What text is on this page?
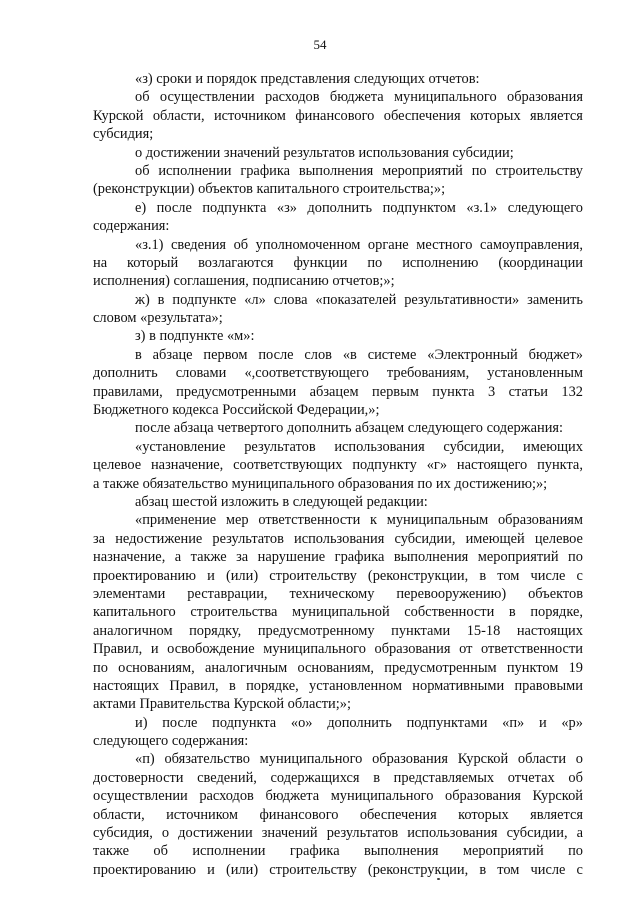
54
«з) сроки и порядок представления следующих отчетов:
об осуществлении расходов бюджета муниципального образования
Курской области, источником финансового обеспечения которых является
субсидия;
о достижении значений результатов использования субсидии;
об исполнении графика выполнения мероприятий по строительству
(реконструкции) объектов капитального строительства;»;
е) после подпункта «з» дополнить подпунктом «з.1» следующего
содержания:
«з.1) сведения об уполномоченном органе местного самоуправления,
на который возлагаются функции по исполнению (координации
исполнения) соглашения, подписанию отчетов;»;
ж) в подпункте «л» слова «показателей результативности» заменить
словом «результата»;
з) в подпункте «м»:
в абзаце первом после слов «в системе «Электронный бюджет»
дополнить словами «,соответствующего требованиям, установленным
правилами, предусмотренными абзацем первым пункта 3 статьи 132
Бюджетного кодекса Российской Федерации,»;
после абзаца четвертого дополнить абзацем следующего содержания:
«установление результатов использования субсидии, имеющих
целевое назначение, соответствующих подпункту «г» настоящего пункта,
а также обязательство муниципального образования по их достижению;»;
абзац шестой изложить в следующей редакции:
«применение мер ответственности к муниципальным образованиям
за недостижение результатов использования субсидии, имеющей целевое
назначение, а также за нарушение графика выполнения мероприятий по
проектированию и (или) строительству (реконструкции, в том числе с
элементами реставрации, техническому перевооружению) объектов
капитального строительства муниципальной собственности в порядке,
аналогичном порядку, предусмотренному пунктами 15-18 настоящих
Правил, и освобождение муниципального образования от ответственности
по основаниям, аналогичным основаниям, предусмотренным пунктом 19
настоящих Правил, в порядке, установленном нормативными правовыми
актами Правительства Курской области;»;
и) после подпункта «о» дополнить подпунктами «п» и «р»
следующего содержания:
«п) обязательство муниципального образования Курской области о
достоверности сведений, содержащихся в представляемых отчетах об
осуществлении расходов бюджета муниципального образования Курской
области, источником финансового обеспечения которых является
субсидия, о достижении значений результатов использования субсидии, а
также об исполнении графика выполнения мероприятий по
проектированию и (или) строительству (реконструкции, в том числе с
